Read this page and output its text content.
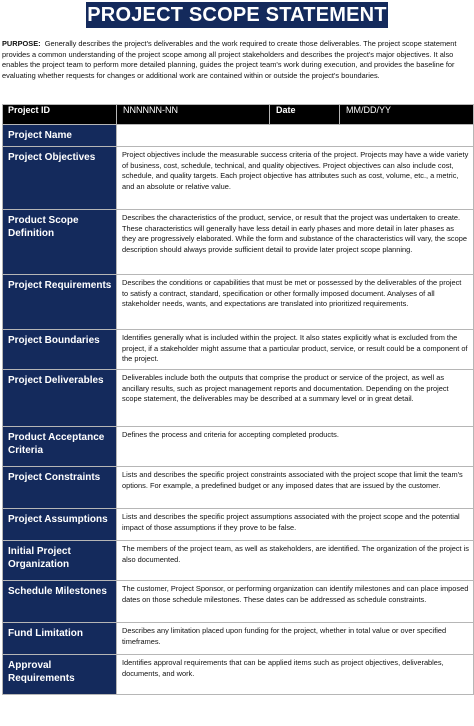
PROJECT SCOPE STATEMENT

PURPOSE: Generally describes the project's deliverables and the work required to create those deliverables. The project scope statement provides a common understanding of the project scope among all project stakeholders and describes the project's major objectives. It also enables the project team to perform more detailed planning, guides the project team's work during execution, and provides the baseline for evaluating whether requests for changes or additional work are contained within or outside the project's boundaries.

Project ID	NNNNNN-NN	Date	MM/DD/YY
Project Name			
Project Objectives	Project objectives include the measurable success criteria of the project. Projects may have a wide variety of business, cost, schedule, technical, and quality objectives. Project objectives can also include cost, schedule, and quality targets. Each project objective has attributes such as cost, volume, etc., a metric, and an absolute or relative value.		
Product Scope Definition	Describes the characteristics of the product, service, or result that the project was undertaken to create. These characteristics will generally have less detail in early phases and more detail in later phases as they are progressively elaborated. While the form and substance of the characteristics will vary, the scope description should always provide sufficient detail to provide later project scope planning.		
Project Requirements	Describes the conditions or capabilities that must be met or possessed by the deliverables of the project to satisfy a contract, standard, specification or other formally imposed document. Analyses of all stakeholder needs, wants, and expectations are translated into prioritized requirements.		
Project Boundaries	Identifies generally what is included within the project. It also states explicitly what is excluded from the project, if a stakeholder might assume that a particular product, service, or result could be a component of the project.		
Project Deliverables	Deliverables include both the outputs that comprise the product or service of the project, as well as ancillary results, such as project management reports and documentation. Depending on the project scope statement, the deliverables may be described at a summary level or in great detail.		
Product Acceptance Criteria	Defines the process and criteria for accepting completed products.		
Project Constraints	Lists and describes the specific project constraints associated with the project scope that limit the team's options. For example, a predefined budget or any imposed dates that are issued by the customer.		
Project Assumptions	Lists and describes the specific project assumptions associated with the project scope and the potential impact of those assumptions if they prove to be false.		
Initial Project Organization	The members of the project team, as well as stakeholders, are identified. The organization of the project is also documented.		
Schedule Milestones	The customer, Project Sponsor, or performing organization can identify milestones and can place imposed dates on those schedule milestones. These dates can be addressed as schedule constraints.		
Fund Limitation	Describes any limitation placed upon funding for the project, whether in total value or over specified timeframes.		
Approval Requirements	Identifies approval requirements that can be applied items such as project objectives, deliverables, documents, and work.		
